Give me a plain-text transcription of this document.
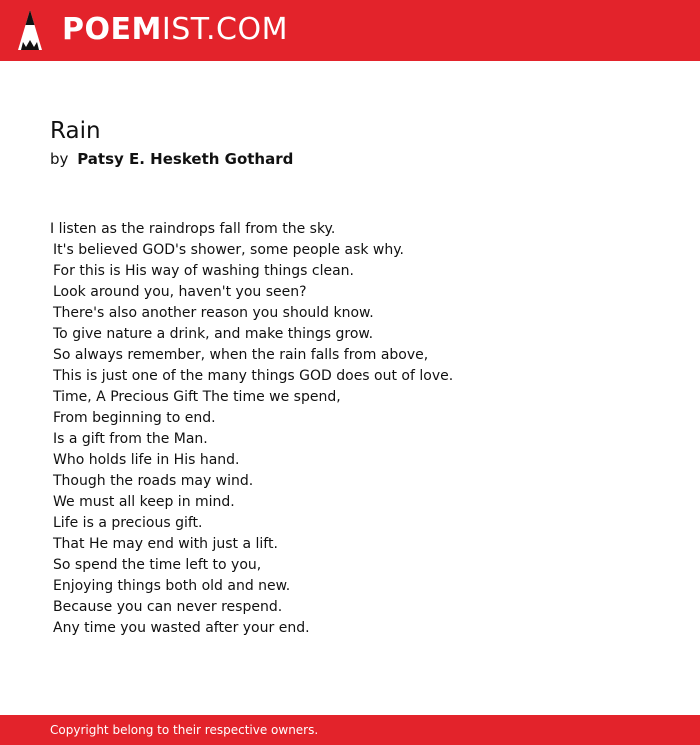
POEMIST.COM
Rain
by Patsy E. Hesketh Gothard
I listen as the raindrops fall from the sky.
It's believed GOD's shower, some people ask why.
For this is His way of washing things clean.
Look around you, haven't you seen?
There's also another reason you should know.
To give nature a drink, and make things grow.
So always remember, when the rain falls from above,
This is just one of the many things GOD does out of love.
Time, A Precious Gift The time we spend,
From beginning to end.
Is a gift from the Man.
Who holds life in His hand.
Though the roads may wind.
We must all keep in mind.
Life is a precious gift.
That He may end with just a lift.
So spend the time left to you,
Enjoying things both old and new.
Because you can never respend.
Any time you wasted after your end.
Copyright belong to their respective owners.
